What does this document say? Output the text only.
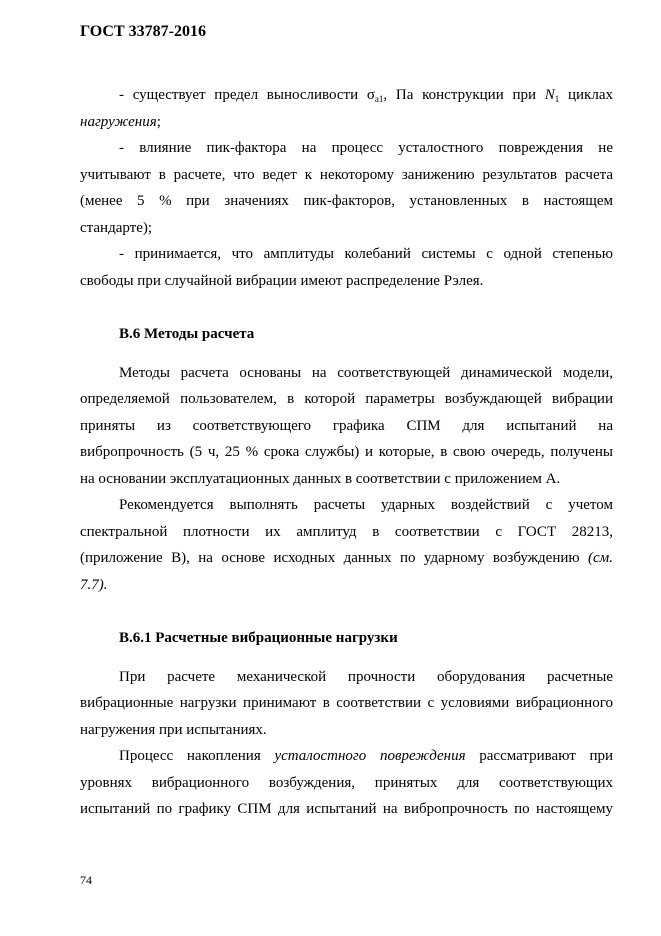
ГОСТ 33787-2016
- существует предел выносливости $\sigma_{а1}$, Па конструкции при $N_1$ циклах
нагружения;
- влияние пик-фактора на процесс усталостного повреждения не
учитывают в расчете, что ведет к некоторому занижению результатов расчета
(менее 5 % при значениях пик-факторов, установленных в настоящем
стандарте);
- принимается, что амплитуды колебаний системы с одной степенью
свободы при случайной вибрации имеют распределение Рэлея.
В.6 Методы расчета
Методы расчета основаны на соответствующей динамической модели,
определяемой пользователем, в которой параметры возбуждающей вибрации
приняты из соответствующего графика СПМ для испытаний на
вибропрочность (5 ч, 25 % срока службы) и которые, в свою очередь, получены
на основании эксплуатационных данных в соответствии с приложением А.
Рекомендуется выполнять расчеты ударных воздействий с учетом
спектральной плотности их амплитуд в соответствии с ГОСТ 28213,
(приложение В), на основе исходных данных по ударному возбуждению (см.
7.7).
В.6.1 Расчетные вибрационные нагрузки
При расчете механической прочности оборудования расчетные
вибрационные нагрузки принимают в соответствии с условиями вибрационного
нагружения при испытаниях.
Процесс накопления усталостного повреждения рассматривают при
уровнях вибрационного возбуждения, принятых для соответствующих
испытаний по графику СПМ для испытаний на вибропрочность по настоящему
74
